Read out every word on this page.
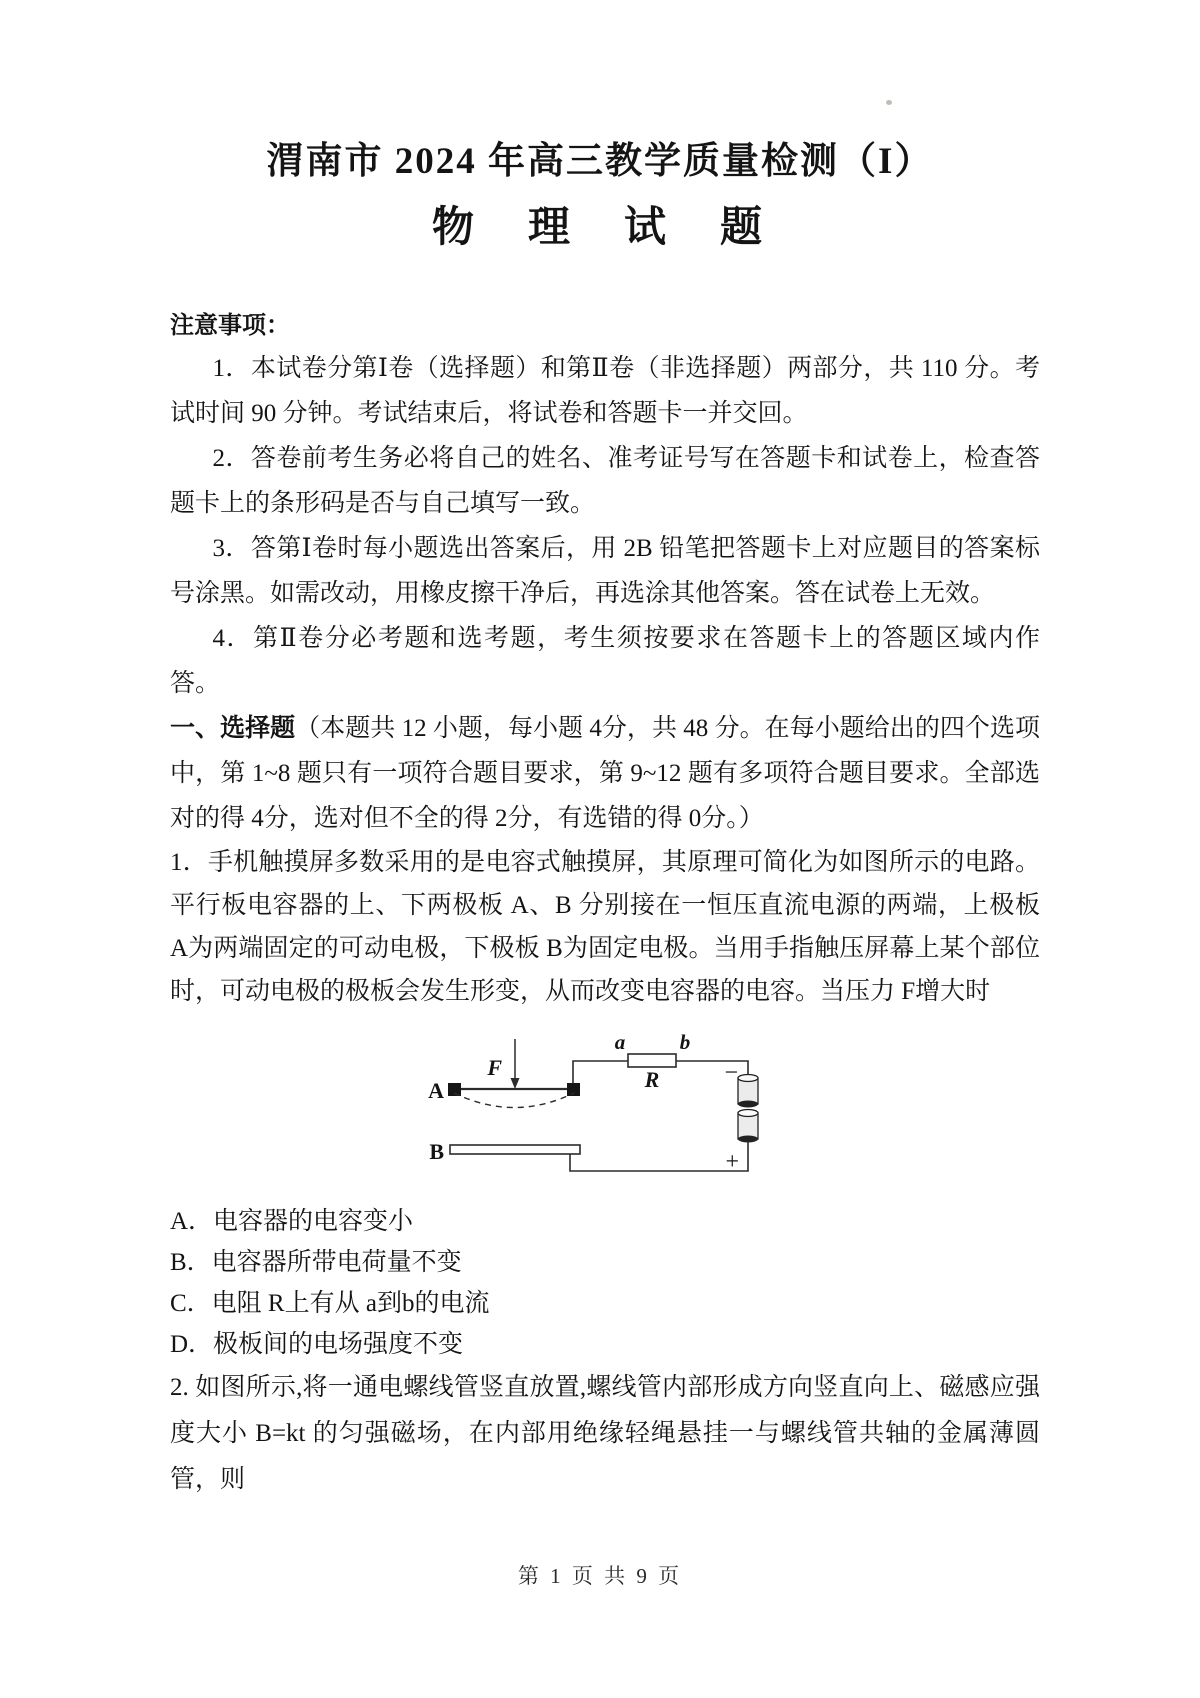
渭南市 2024 年高三教学质量检测（I）
物　理　试　题
注意事项：

1．本试卷分第Ⅰ卷（选择题）和第Ⅱ卷（非选择题）两部分，共 110 分。考试时间 90 分钟。考试结束后，将试卷和答题卡一并交回。

2．答卷前考生务必将自己的姓名、准考证号写在答题卡和试卷上，检查答题卡上的条形码是否与自己填写一致。

3．答第Ⅰ卷时每小题选出答案后，用 2B 铅笔把答题卡上对应题目的答案标号涂黑。如需改动，用橡皮擦干净后，再选涂其他答案。答在试卷上无效。

4．第Ⅱ卷分必考题和选考题，考生须按要求在答题卡上的答题区域内作答。

一、选择题（本题共 12 小题，每小题 4分，共 48 分。在每小题给出的四个选项中，第 1~8 题只有一项符合题目要求，第 9~12 题有多项符合题目要求。全部选对的得 4分，选对但不全的得 2分，有选错的得 0分。）

1．手机触摸屏多数采用的是电容式触摸屏，其原理可简化为如图所示的电路。平行板电容器的上、下两极板 A、B 分别接在一恒压直流电源的两端，上极板 A为两端固定的可动电极，下极板 B为固定电极。当用手指触压屏幕上某个部位时，可动电极的极板会发生形变，从而改变电容器的电容。当压力 F增大时

F
A
a
R
b
−
+
B

A．电容器的电容变小

B．电容器所带电荷量不变

C．电阻 R上有从 a到b的电流

D．极板间的电场强度不变

2. 如图所示,将一通电螺线管竖直放置,螺线管内部形成方向竖直向上、磁感应强度大小 B=kt 的匀强磁场，在内部用绝缘轻绳悬挂一与螺线管共轴的金属薄圆管，则

第 1 页 共 9 页
